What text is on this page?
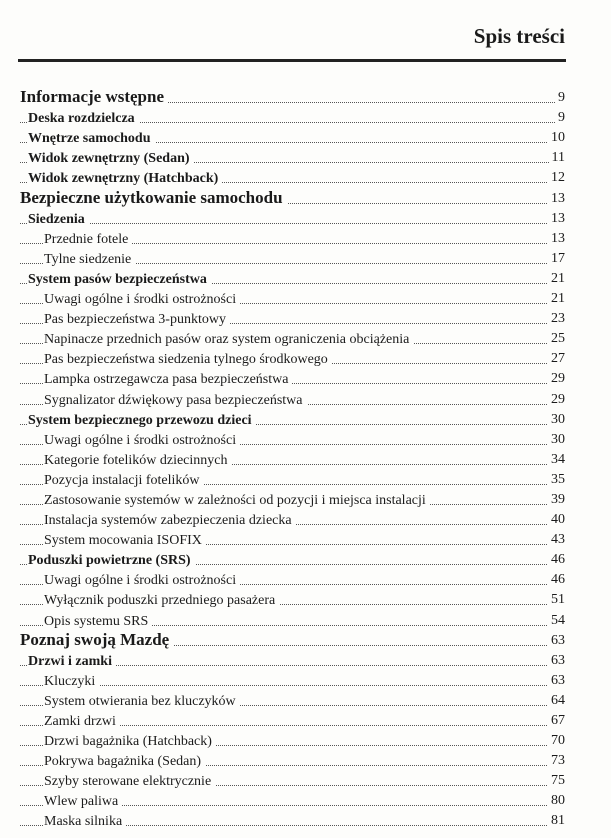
Spis treści
Informacje wstępne	9
Deska rozdzielcza	9
Wnętrze samochodu	10
Widok zewnętrzny (Sedan)	11
Widok zewnętrzny (Hatchback)	12
Bezpieczne użytkowanie samochodu	13
Siedzenia	13
Przednie fotele	13
Tylne siedzenie	17
System pasów bezpieczeństwa	21
Uwagi ogólne i środki ostrożności	21
Pas bezpieczeństwa 3-punktowy	23
Napinacze przednich pasów oraz system ograniczenia obciążenia	25
Pas bezpieczeństwa siedzenia tylnego środkowego	27
Lampka ostrzegawcza pasa bezpieczeństwa	29
Sygnalizator dźwiękowy pasa bezpieczeństwa	29
System bezpiecznego przewozu dzieci	30
Uwagi ogólne i środki ostrożności	30
Kategorie fotelików dziecinnych	34
Pozycja instalacji fotelików	35
Zastosowanie systemów w zależności od pozycji i miejsca instalacji	39
Instalacja systemów zabezpieczenia dziecka	40
System mocowania ISOFIX	43
Poduszki powietrzne (SRS)	46
Uwagi ogólne i środki ostrożności	46
Wyłącznik poduszki przedniego pasażera	51
Opis systemu SRS	54
Poznaj swoją Mazdę	63
Drzwi i zamki	63
Kluczyki	63
System otwierania bez kluczyków	64
Zamki drzwi	67
Drzwi bagażnika (Hatchback)	70
Pokrywa bagażnika (Sedan)	73
Szyby sterowane elektrycznie	75
Wlew paliwa	80
Maska silnika	81
